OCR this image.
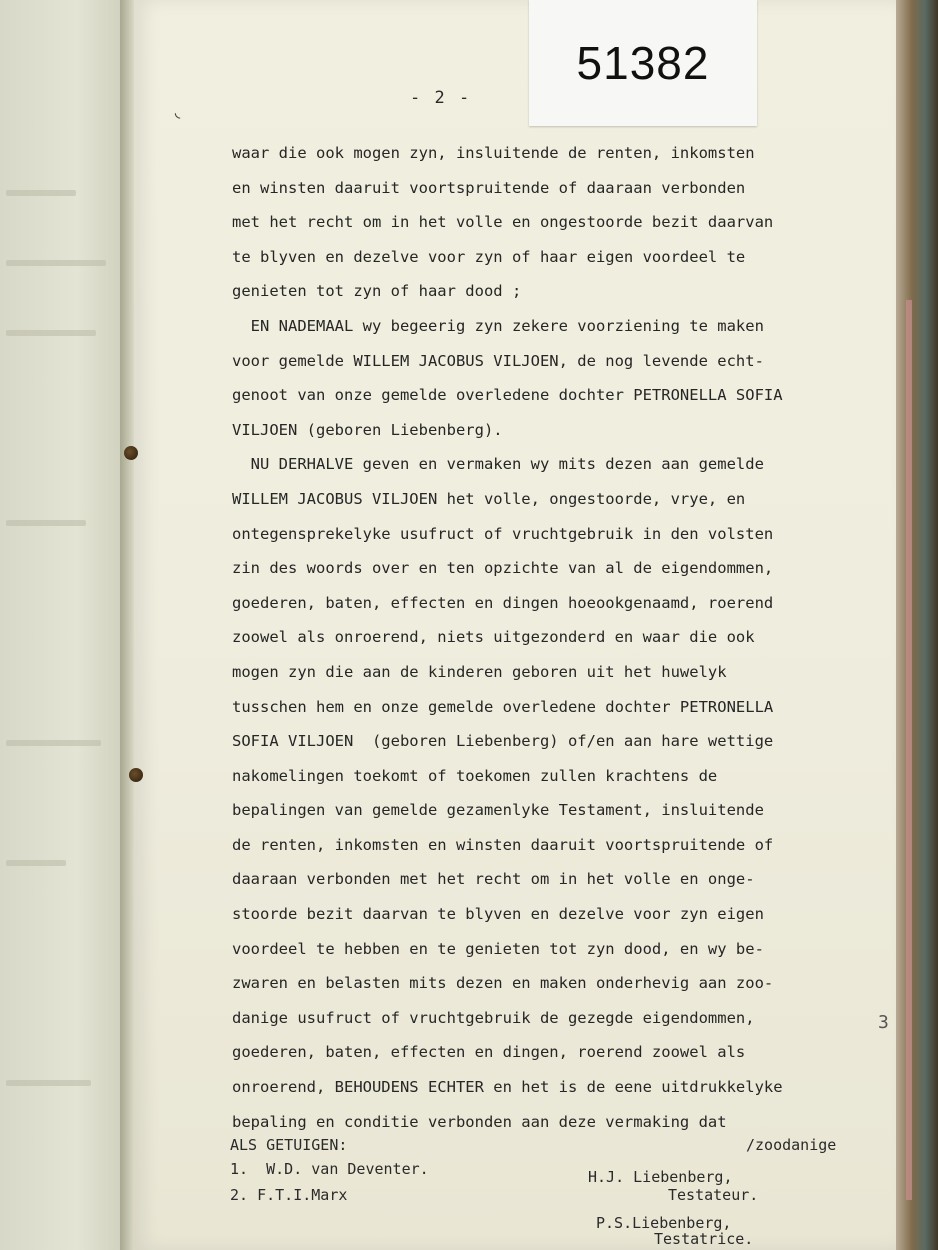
51382
◟
- 2 -
waar die ook mogen zyn, insluitende de renten, inkomsten
en winsten daaruit voortspruitende of daaraan verbonden
met het recht om in het volle en ongestoorde bezit daarvan
te blyven en dezelve voor zyn of haar eigen voordeel te
genieten tot zyn of haar dood ;
EN NADEMAAL wy begeerig zyn zekere voorziening te maken
voor gemelde WILLEM JACOBUS VILJOEN, de nog levende echt-
genoot van onze gemelde overledene dochter PETRONELLA SOFIA
VILJOEN (geboren Liebenberg).
NU DERHALVE geven en vermaken wy mits dezen aan gemelde
WILLEM JACOBUS VILJOEN het volle, ongestoorde, vrye, en
ontegensprekelyke usufruct of vruchtgebruik in den volsten
zin des woords over en ten opzichte van al de eigendommen,
goederen, baten, effecten en dingen hoeookgenaamd, roerend
zoowel als onroerend, niets uitgezonderd en waar die ook
mogen zyn die aan de kinderen geboren uit het huwelyk
tusschen hem en onze gemelde overledene dochter PETRONELLA
SOFIA VILJOEN  (geboren Liebenberg) of/en aan hare wettige
nakomelingen toekomt of toekomen zullen krachtens de
bepalingen van gemelde gezamenlyke Testament, insluitende
de renten, inkomsten en winsten daaruit voortspruitende of
daaraan verbonden met het recht om in het volle en onge-
stoorde bezit daarvan te blyven en dezelve voor zyn eigen
voordeel te hebben en te genieten tot zyn dood, en wy be-
zwaren en belasten mits dezen en maken onderhevig aan zoo-
danige usufruct of vruchtgebruik de gezegde eigendommen,
goederen, baten, effecten en dingen, roerend zoowel als
onroerend, BEHOUDENS ECHTER en het is de eene uitdrukkelyke
bepaling en conditie verbonden aan deze vermaking dat
3
/zoodanige
ALS GETUIGEN:
1.  W.D. van Deventer.
2. F.T.I.Marx
H.J. Liebenberg,
Testateur.
P.S.Liebenberg,
Testatrice.
